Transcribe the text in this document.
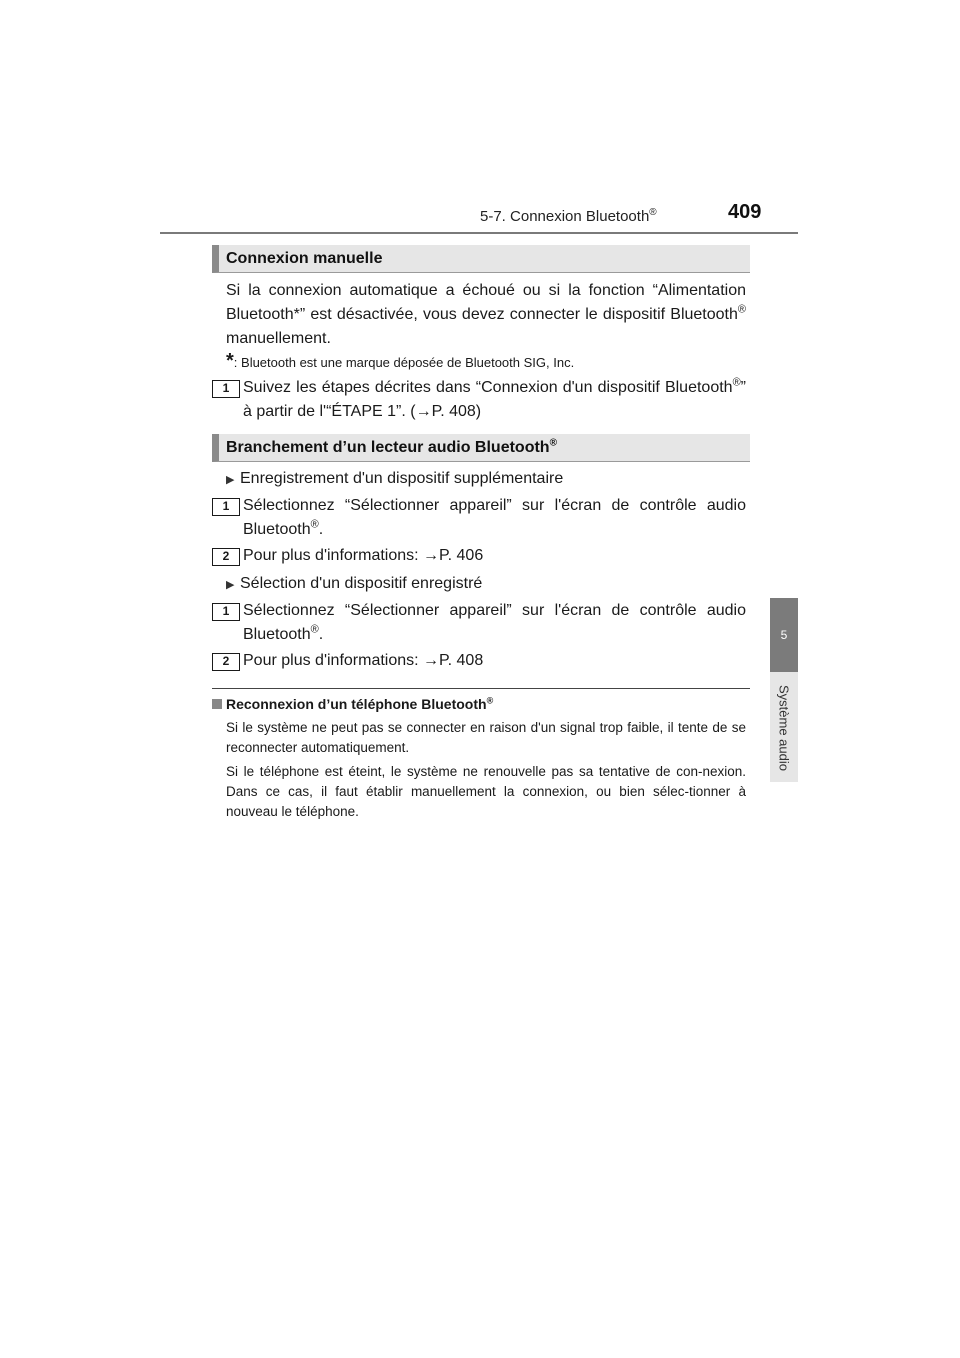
5-7. Connexion Bluetooth®	409
5
Système audio
Connexion manuelle
Si la connexion automatique a échoué ou si la fonction “Alimentation Bluetooth*” est désactivée, vous devez connecter le dispositif Bluetooth® manuellement.
*: Bluetooth est une marque déposée de Bluetooth SIG, Inc.
1 Suivez les étapes décrites dans “Connexion d'un dispositif Bluetooth®” à partir de l'“ÉTAPE 1”. (→P. 408)
Branchement d’un lecteur audio Bluetooth®
▶ Enregistrement d'un dispositif supplémentaire
1 Sélectionnez “Sélectionner appareil” sur l'écran de contrôle audio Bluetooth®.
2 Pour plus d'informations: →P. 406
▶ Sélection d'un dispositif enregistré
1 Sélectionnez “Sélectionner appareil” sur l'écran de contrôle audio Bluetooth®.
2 Pour plus d'informations: →P. 408
Reconnexion d’un téléphone Bluetooth®
Si le système ne peut pas se connecter en raison d'un signal trop faible, il tente de se reconnecter automatiquement.
Si le téléphone est éteint, le système ne renouvelle pas sa tentative de con-nexion. Dans ce cas, il faut établir manuellement la connexion, ou bien sélec-tionner à nouveau le téléphone.
